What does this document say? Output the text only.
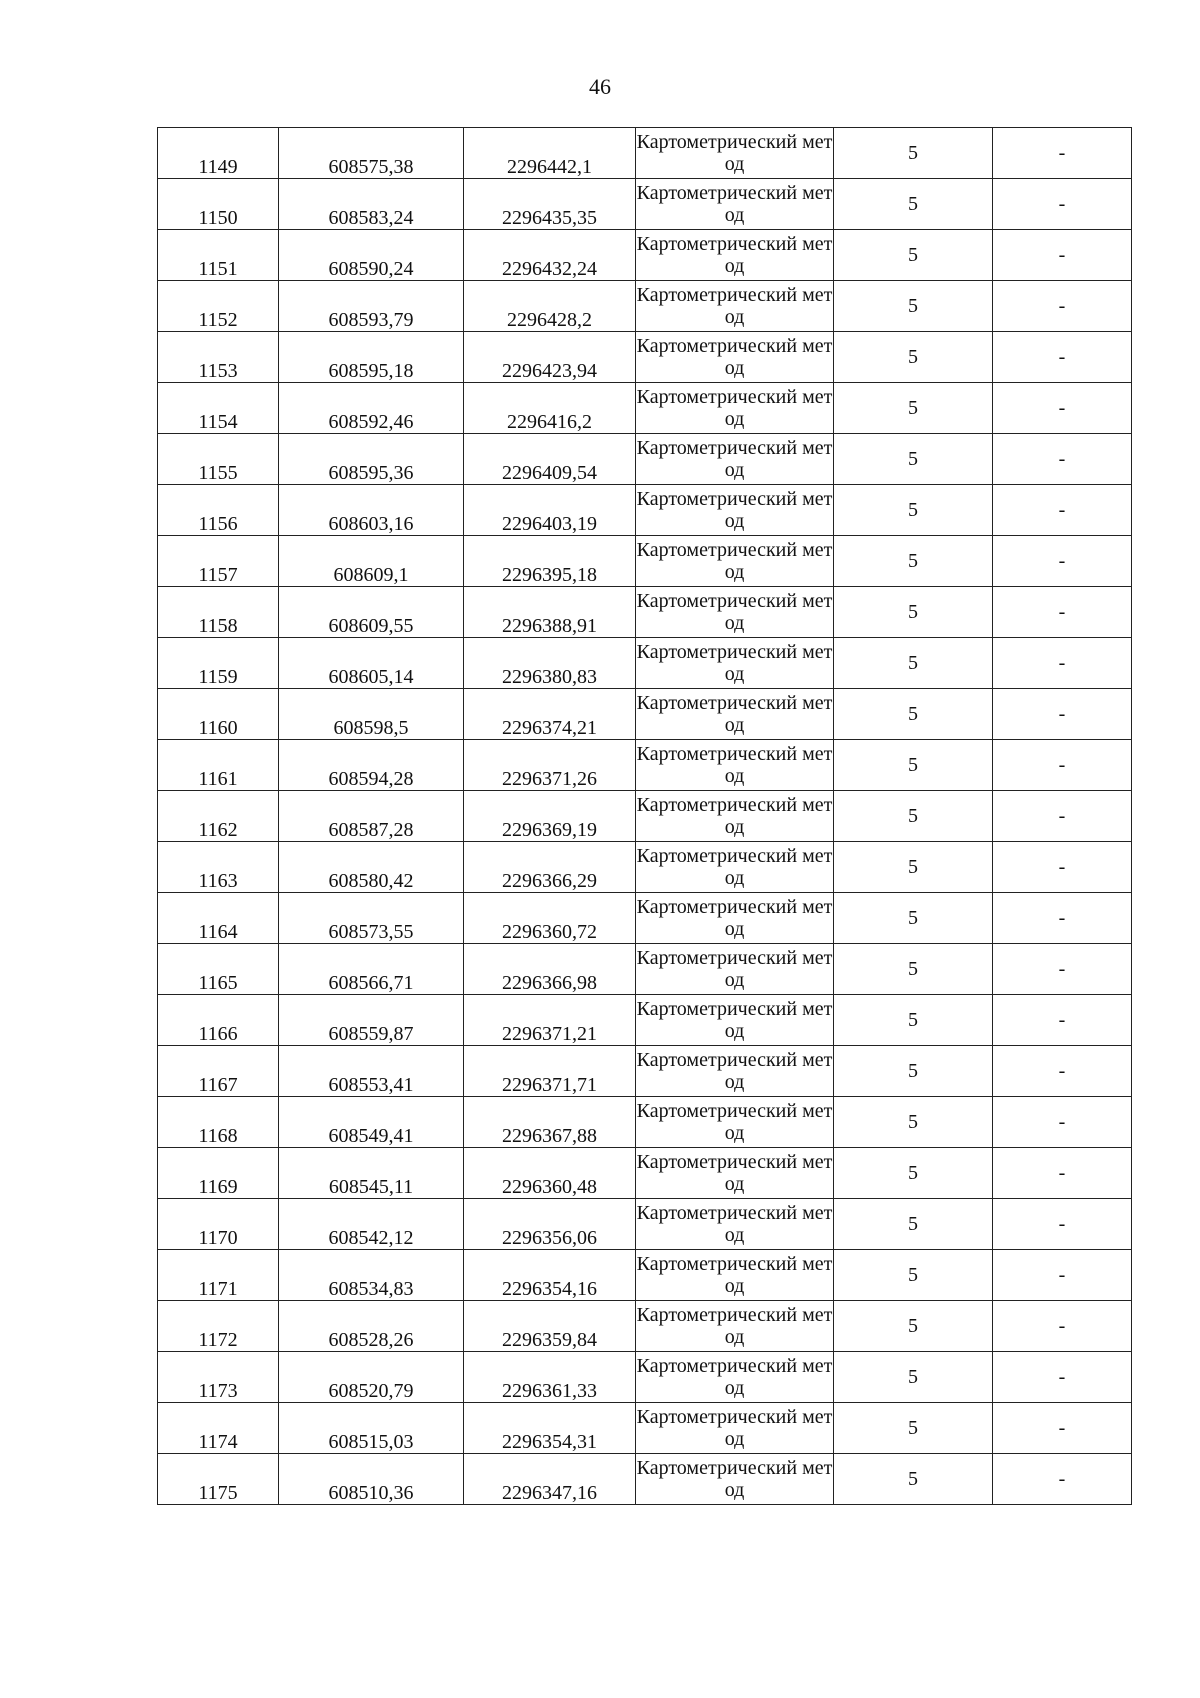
46
1149	608575,38	2296442,1	Картометрический метод	5	-
1150	608583,24	2296435,35	Картометрический метод	5	-
1151	608590,24	2296432,24	Картометрический метод	5	-
1152	608593,79	2296428,2	Картометрический метод	5	-
1153	608595,18	2296423,94	Картометрический метод	5	-
1154	608592,46	2296416,2	Картометрический метод	5	-
1155	608595,36	2296409,54	Картометрический метод	5	-
1156	608603,16	2296403,19	Картометрический метод	5	-
1157	608609,1	2296395,18	Картометрический метод	5	-
1158	608609,55	2296388,91	Картометрический метод	5	-
1159	608605,14	2296380,83	Картометрический метод	5	-
1160	608598,5	2296374,21	Картометрический метод	5	-
1161	608594,28	2296371,26	Картометрический метод	5	-
1162	608587,28	2296369,19	Картометрический метод	5	-
1163	608580,42	2296366,29	Картометрический метод	5	-
1164	608573,55	2296360,72	Картометрический метод	5	-
1165	608566,71	2296366,98	Картометрический метод	5	-
1166	608559,87	2296371,21	Картометрический метод	5	-
1167	608553,41	2296371,71	Картометрический метод	5	-
1168	608549,41	2296367,88	Картометрический метод	5	-
1169	608545,11	2296360,48	Картометрический метод	5	-
1170	608542,12	2296356,06	Картометрический метод	5	-
1171	608534,83	2296354,16	Картометрический метод	5	-
1172	608528,26	2296359,84	Картометрический метод	5	-
1173	608520,79	2296361,33	Картометрический метод	5	-
1174	608515,03	2296354,31	Картометрический метод	5	-
1175	608510,36	2296347,16	Картометрический метод	5	-
